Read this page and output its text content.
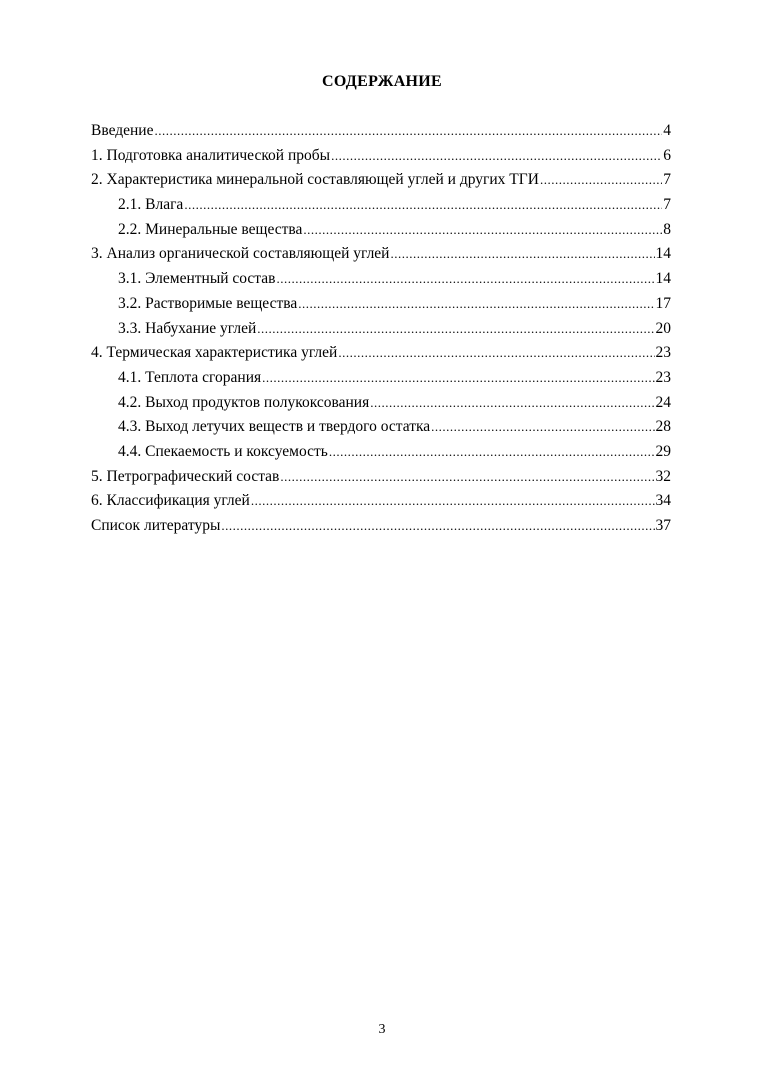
СОДЕРЖАНИЕ
Введение .....	4
1. Подготовка аналитической пробы .....	6
2. Характеристика минеральной составляющей углей и других ТГИ .....	7
2.1. Влага .....	7
2.2. Минеральные вещества .....	8
3. Анализ органической составляющей углей .....	14
3.1. Элементный состав .....	14
3.2. Растворимые вещества .....	17
3.3. Набухание углей .....	20
4. Термическая характеристика углей .....	23
4.1. Теплота сгорания .....	23
4.2. Выход продуктов полукоксования .....	24
4.3. Выход летучих веществ и твердого остатка .....	28
4.4. Спекаемость и коксуемость .....	29
5. Петрографический состав .....	32
6. Классификация углей .....	34
Список литературы .....	37
3
